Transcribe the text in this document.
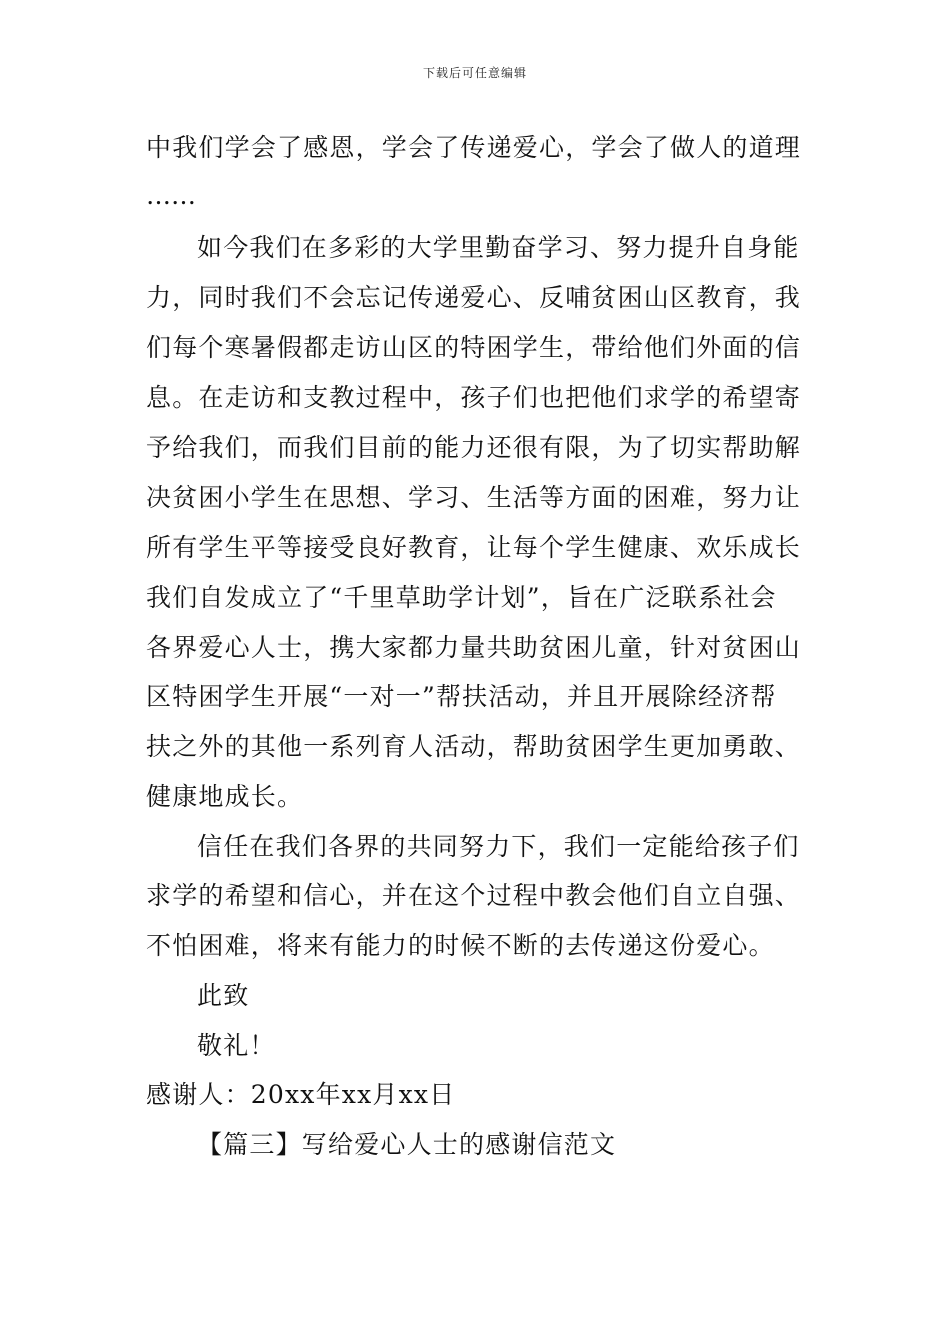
下载后可任意编辑
中我们学会了感恩，学会了传递爱心，学会了做人的道理
……
如今我们在多彩的大学里勤奋学习、努力提升自身能
力，同时我们不会忘记传递爱心、反哺贫困山区教育，我
们每个寒暑假都走访山区的特困学生，带给他们外面的信
息。在走访和支教过程中，孩子们也把他们求学的希望寄
予给我们，而我们目前的能力还很有限，为了切实帮助解
决贫困小学生在思想、学习、生活等方面的困难，努力让
所有学生平等接受良好教育，让每个学生健康、欢乐成长
我们自发成立了“千里草助学计划”，旨在广泛联系社会
各界爱心人士，携大家都力量共助贫困儿童，针对贫困山
区特困学生开展“一对一”帮扶活动，并且开展除经济帮
扶之外的其他一系列育人活动，帮助贫困学生更加勇敢、
健康地成长。
信任在我们各界的共同努力下，我们一定能给孩子们
求学的希望和信心，并在这个过程中教会他们自立自强、
不怕困难，将来有能力的时候不断的去传递这份爱心。
此致
敬礼！
感谢人：20xx年xx月xx日
【篇三】写给爱心人士的感谢信范文
